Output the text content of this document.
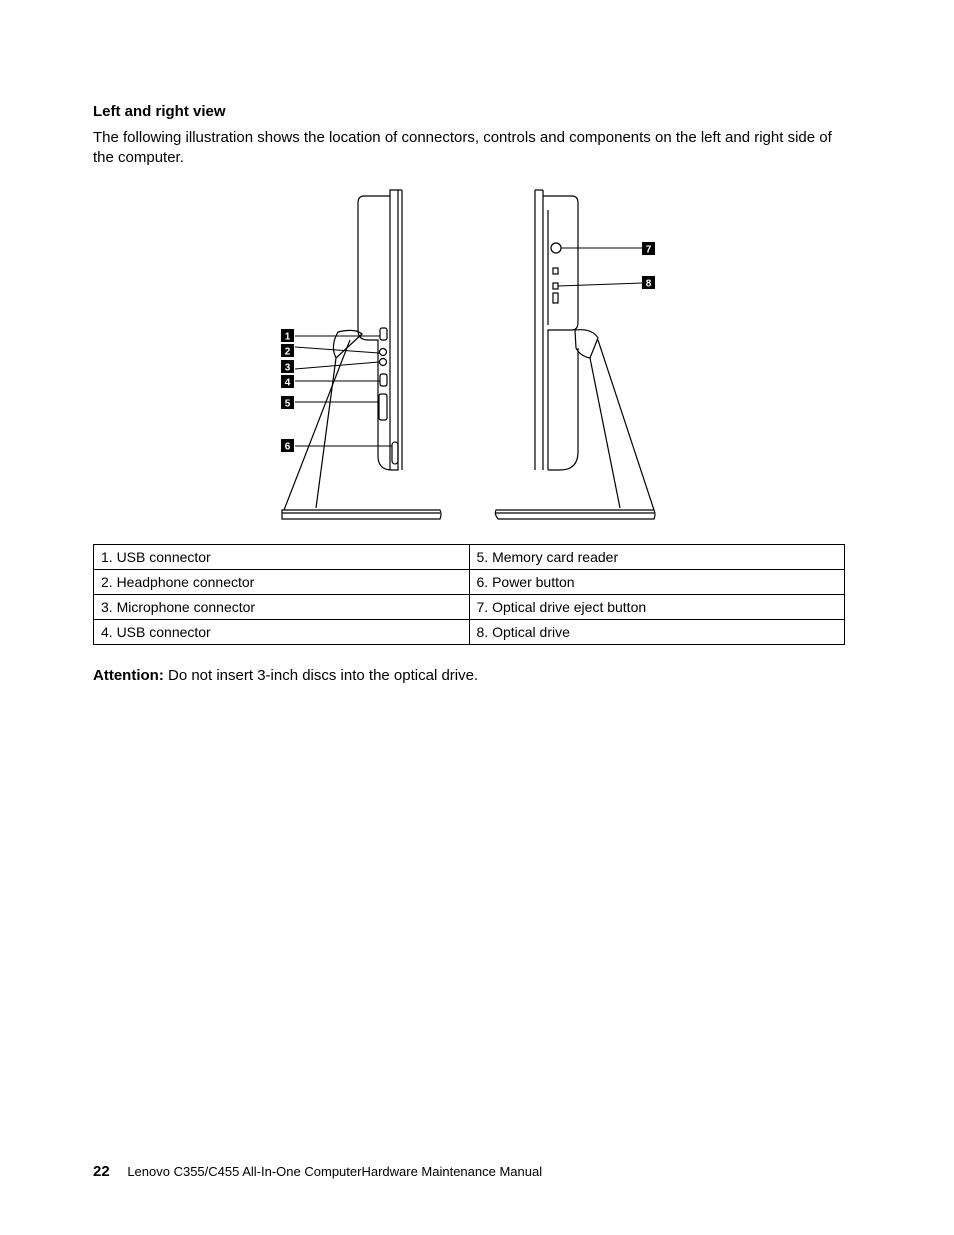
Left and right view
The following illustration shows the location of connectors, controls and components on the left and right side of the computer.
1
2
3
4
5
6
7
8
1. USB connector	5. Memory card reader
2. Headphone connector	6. Power button
3. Microphone connector	7. Optical drive eject button
4. USB connector	8. Optical drive
Attention: Do not insert 3-inch discs into the optical drive.
22 Lenovo C355/C455 All-In-One ComputerHardware Maintenance Manual
